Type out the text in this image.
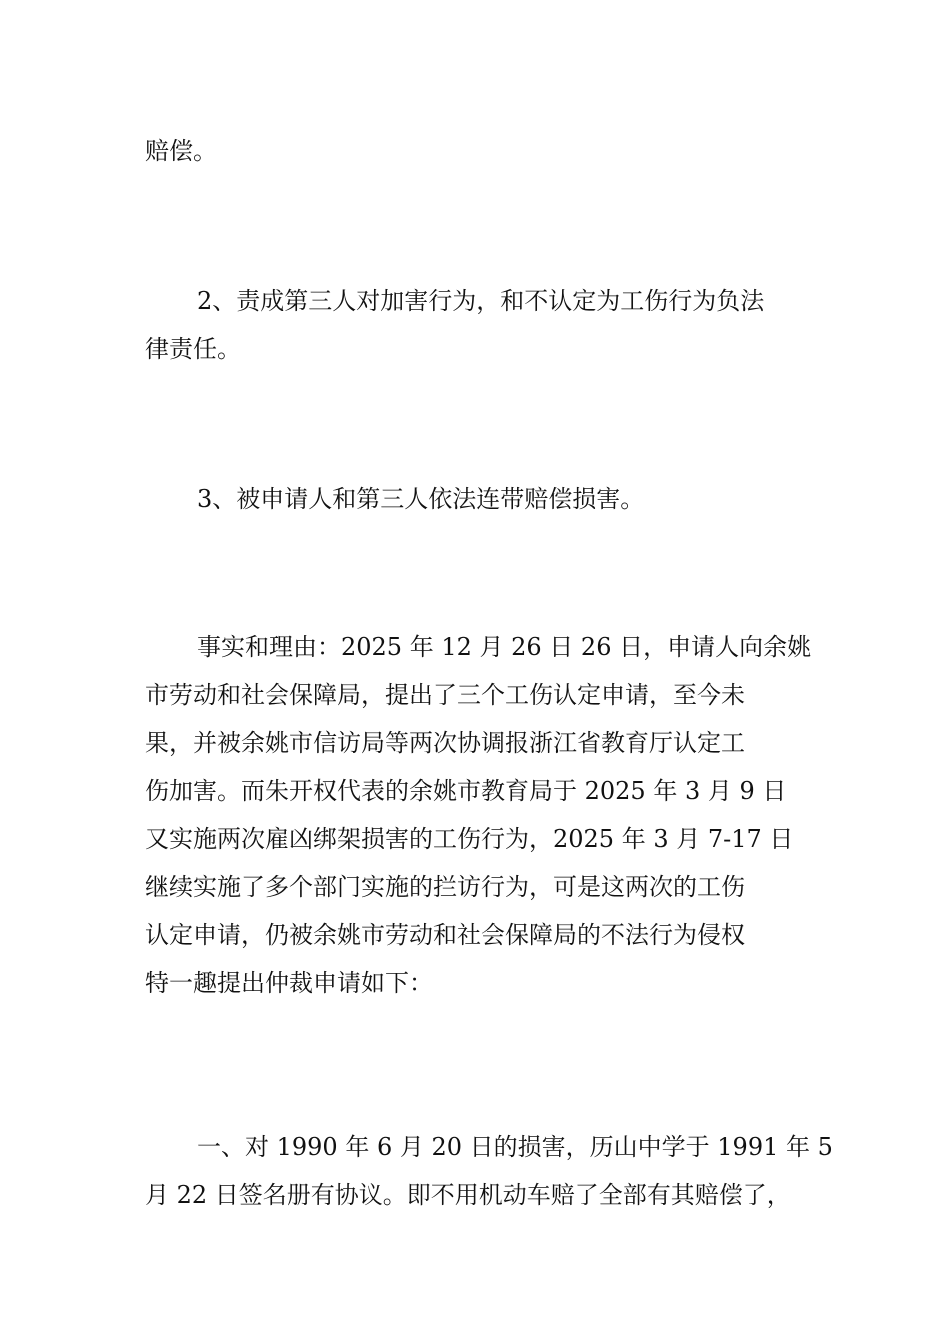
赔偿。
2、责成第三人对加害行为，和不认定为工伤行为负法
律责任。
3、被申请人和第三人依法连带赔偿损害。
事实和理由：2025 年 12 月 26 日 26 日，申请人向余姚
市劳动和社会保障局，提出了三个工伤认定申请，至今未
果，并被余姚市信访局等两次协调报浙江省教育厅认定工
伤加害。而朱开权代表的余姚市教育局于 2025 年 3 月 9 日
又实施两次雇凶绑架损害的工伤行为，2025 年 3 月 7-17 日
继续实施了多个部门实施的拦访行为，可是这两次的工伤
认定申请，仍被余姚市劳动和社会保障局的不法行为侵权
特一趣提出仲裁申请如下：
一、对 1990 年 6 月 20 日的损害，历山中学于 1991 年 5
月 22 日签名册有协议。即不用机动车赔了全部有其赔偿了，
